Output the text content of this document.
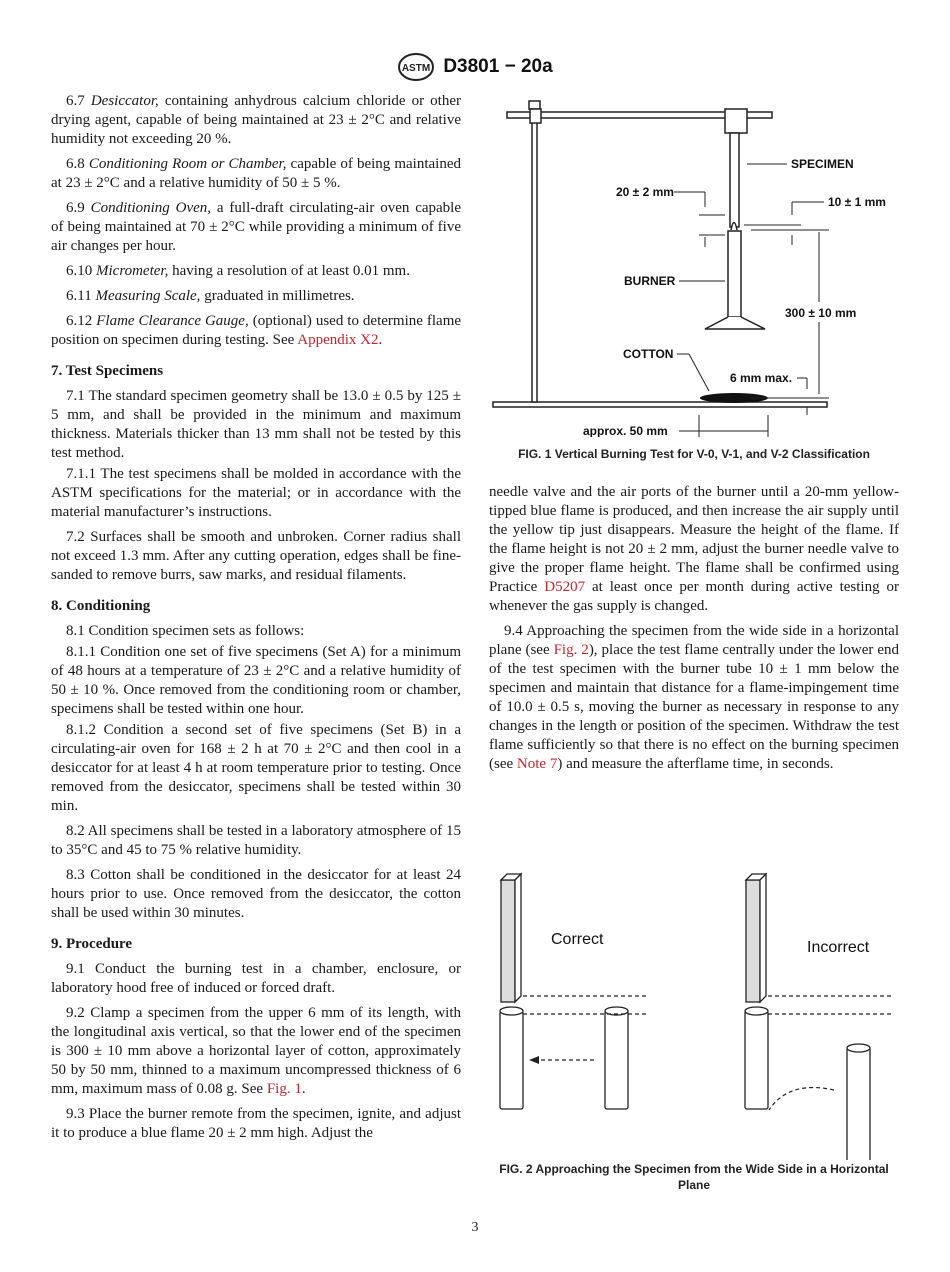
ASTM D3801 − 20a

6.7 Desiccator, containing anhydrous calcium chloride or other drying agent, capable of being maintained at 23 ± 2°C and relative humidity not exceeding 20 %.

6.8 Conditioning Room or Chamber, capable of being maintained at 23 ± 2°C and a relative humidity of 50 ± 5 %.

6.9 Conditioning Oven, a full-draft circulating-air oven capable of being maintained at 70 ± 2°C while providing a minimum of five air changes per hour.

6.10 Micrometer, having a resolution of at least 0.01 mm.

6.11 Measuring Scale, graduated in millimetres.

6.12 Flame Clearance Gauge, (optional) used to determine flame position on specimen during testing. See Appendix X2.

7. Test Specimens

7.1 The standard specimen geometry shall be 13.0 ± 0.5 by 125 ± 5 mm, and shall be provided in the minimum and maximum thickness. Materials thicker than 13 mm shall not be tested by this test method.

7.1.1 The test specimens shall be molded in accordance with the ASTM specifications for the material; or in accordance with the material manufacturer’s instructions.

7.2 Surfaces shall be smooth and unbroken. Corner radius shall not exceed 1.3 mm. After any cutting operation, edges shall be fine-sanded to remove burrs, saw marks, and residual filaments.

8. Conditioning

8.1 Condition specimen sets as follows:

8.1.1 Condition one set of five specimens (Set A) for a minimum of 48 hours at a temperature of 23 ± 2°C and a relative humidity of 50 ± 10 %. Once removed from the conditioning room or chamber, specimens shall be tested within one hour.

8.1.2 Condition a second set of five specimens (Set B) in a circulating-air oven for 168 ± 2 h at 70 ± 2°C and then cool in a desiccator for at least 4 h at room temperature prior to testing. Once removed from the desiccator, specimens shall be tested within 30 min.

8.2 All specimens shall be tested in a laboratory atmosphere of 15 to 35°C and 45 to 75 % relative humidity.

8.3 Cotton shall be conditioned in the desiccator for at least 24 hours prior to use. Once removed from the desiccator, the cotton shall be used within 30 minutes.

9. Procedure

9.1 Conduct the burning test in a chamber, enclosure, or laboratory hood free of induced or forced draft.

9.2 Clamp a specimen from the upper 6 mm of its length, with the longitudinal axis vertical, so that the lower end of the specimen is 300 ± 10 mm above a horizontal layer of cotton, approximately 50 by 50 mm, thinned to a maximum uncompressed thickness of 6 mm, maximum mass of 0.08 g. See Fig. 1.

9.3 Place the burner remote from the specimen, ignite, and adjust it to produce a blue flame 20 ± 2 mm high. Adjust the

SPECIMEN
20 ± 2 mm
10 ± 1 mm
BURNER
300 ± 10 mm
COTTON
6 mm max.
approx. 50 mm
FIG. 1 Vertical Burning Test for V-0, V-1, and V-2 Classification

needle valve and the air ports of the burner until a 20-mm yellow-tipped blue flame is produced, and then increase the air supply until the yellow tip just disappears. Measure the height of the flame. If the flame height is not 20 ± 2 mm, adjust the burner needle valve to give the proper flame height. The flame shall be confirmed using Practice D5207 at least once per month during active testing or whenever the gas supply is changed.

9.4 Approaching the specimen from the wide side in a horizontal plane (see Fig. 2), place the test flame centrally under the lower end of the test specimen with the burner tube 10 ± 1 mm below the specimen and maintain that distance for a flame-impingement time of 10.0 ± 0.5 s, moving the burner as necessary in response to any changes in the length or position of the specimen. Withdraw the test flame sufficiently so that there is no effect on the burning specimen (see Note 7) and measure the afterflame time, in seconds.

Correct	Incorrect
FIG. 2 Approaching the Specimen from the Wide Side in a Horizontal Plane
3
